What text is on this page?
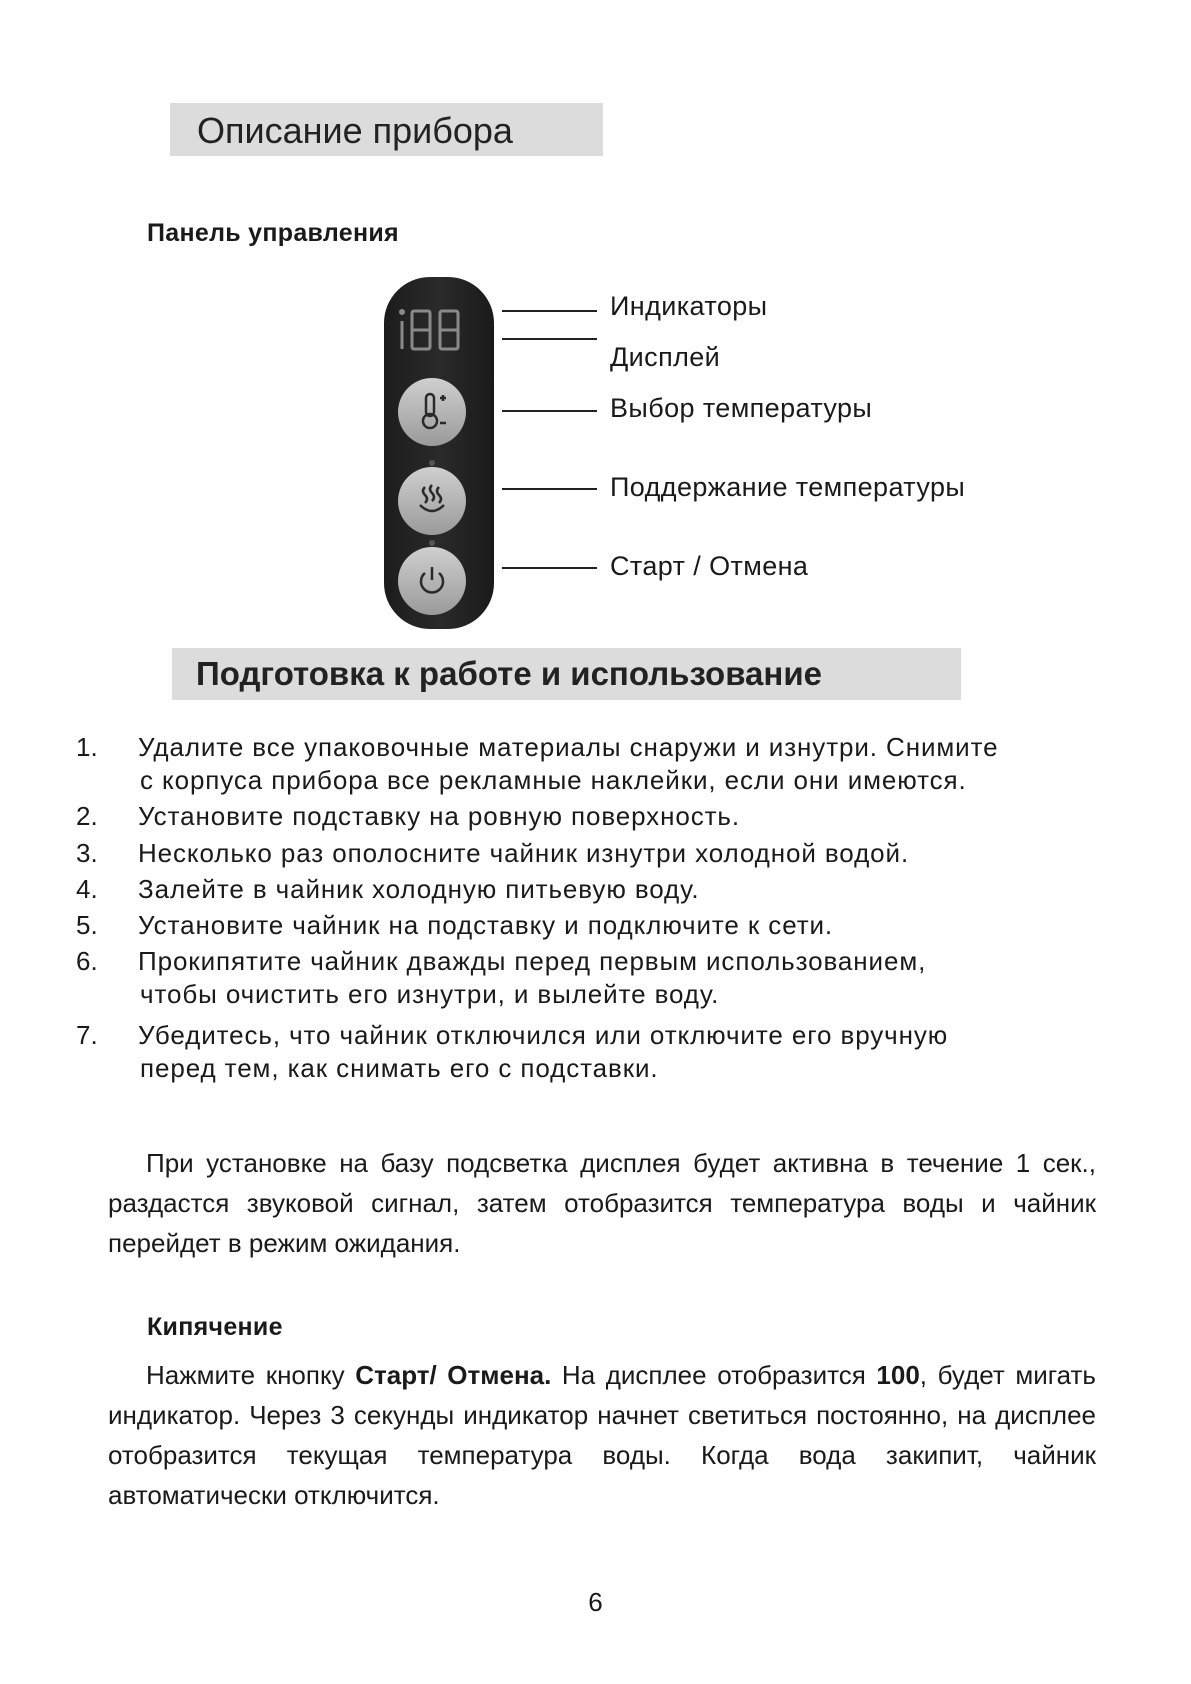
Описание прибора
Панель управления
Индикаторы
Дисплей
Выбор температуры
Поддержание температуры
Старт / Отмена
Подготовка к работе и использование
1. Удалите все упаковочные материалы снаружи и изнутри. Снимите
с корпуса прибора все рекламные наклейки, если они имеются.
2. Установите подставку на ровную поверхность.
3. Несколько раз ополосните чайник изнутри холодной водой.
4. Залейте в чайник холодную питьевую воду.
5. Установите чайник на подставку и подключите к сети.
6. Прокипятите чайник дважды перед первым использованием,
чтобы очистить его изнутри, и вылейте воду.
7. Убедитесь, что чайник отключился или отключите его вручную
перед тем, как снимать его с подставки.

При установке на базу подсветка дисплея будет активна в течение 1 сек., раздастся звуковой сигнал, затем отобразится температура воды и чайник перейдет в режим ожидания.

Кипячение

Нажмите кнопку Старт/ Отмена. На дисплее отобразится 100, будет мигать индикатор. Через 3 секунды индикатор начнет светиться постоянно, на дисплее отобразится текущая температура воды. Когда вода закипит, чайник автоматически отключится.

6
